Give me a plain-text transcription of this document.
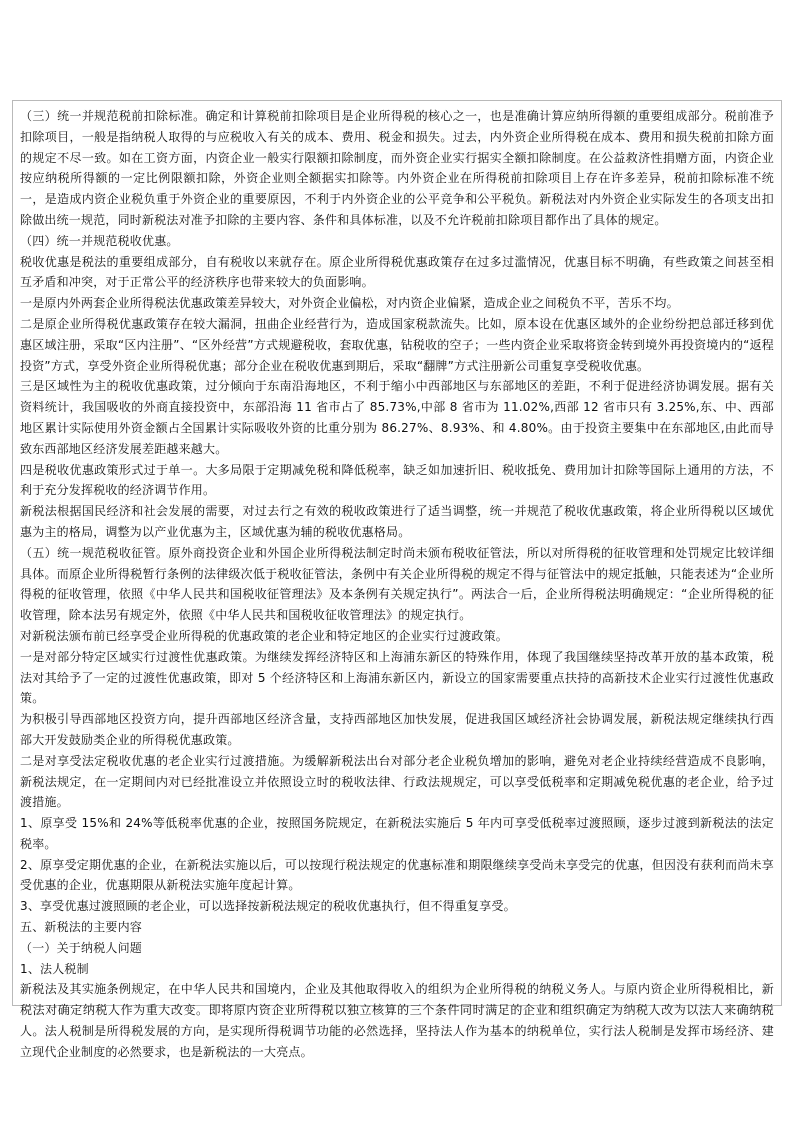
（三）统一并规范税前扣除标准。确定和计算税前扣除项目是企业所得税的核心之一，也是准确计算应纳所得额的重要组成部分。税前准予扣除项目，一般是指纳税人取得的与应税收入有关的成本、费用、税金和损失。过去，内外资企业所得税在成本、费用和损失税前扣除方面的规定不尽一致。如在工资方面，内资企业一般实行限额扣除制度，而外资企业实行据实全额扣除制度。在公益救济性捐赠方面，内资企业按应纳税所得额的一定比例限额扣除，外资企业则全额据实扣除等。内外资企业在所得税前扣除项目上存在许多差异，税前扣除标准不统一，是造成内资企业税负重于外资企业的重要原因，不利于内外资企业的公平竞争和公平税负。新税法对内外资企业实际发生的各项支出扣除做出统一规范，同时新税法对准予扣除的主要内容、条件和具体标准，以及不允许税前扣除项目都作出了具体的规定。

（四）统一并规范税收优惠。

税收优惠是税法的重要组成部分，自有税收以来就存在。原企业所得税优惠政策存在过多过滥情况，优惠目标不明确，有些政策之间甚至相互矛盾和冲突，对于正常公平的经济秩序也带来较大的负面影响。

一是原内外两套企业所得税法优惠政策差异较大，对外资企业偏松，对内资企业偏紧，造成企业之间税负不平，苦乐不均。

二是原企业所得税优惠政策存在较大漏洞，扭曲企业经营行为，造成国家税款流失。比如，原本设在优惠区域外的企业纷纷把总部迁移到优惠区域注册，采取“区内注册”、“区外经营”方式规避税收，套取优惠，钻税收的空子；一些内资企业采取将资金转到境外再投资境内的“返程投资”方式，享受外资企业所得税优惠；部分企业在税收优惠到期后，采取“翻牌”方式注册新公司重复享受税收优惠。

三是区域性为主的税收优惠政策，过分倾向于东南沿海地区，不利于缩小中西部地区与东部地区的差距，不利于促进经济协调发展。据有关资料统计，我国吸收的外商直接投资中，东部沿海 11 省市占了 85.73%,中部 8 省市为 11.02%,西部 12 省市只有 3.25%,东、中、西部地区累计实际使用外资金额占全国累计实际吸收外资的比重分别为 86.27%、8.93%、和 4.80%。由于投资主要集中在东部地区,由此而导致东西部地区经济发展差距越来越大。

四是税收优惠政策形式过于单一。大多局限于定期减免税和降低税率，缺乏如加速折旧、税收抵免、费用加计扣除等国际上通用的方法，不利于充分发挥税收的经济调节作用。

新税法根据国民经济和社会发展的需要，对过去行之有效的税收政策进行了适当调整，统一并规范了税收优惠政策，将企业所得税以区域优惠为主的格局，调整为以产业优惠为主，区域优惠为辅的税收优惠格局。

（五）统一规范税收征管。原外商投资企业和外国企业所得税法制定时尚未颁布税收征管法，所以对所得税的征收管理和处罚规定比较详细具体。而原企业所得税暂行条例的法律级次低于税收征管法，条例中有关企业所得税的规定不得与征管法中的规定抵触，只能表述为“企业所得税的征收管理，依照《中华人民共和国税收征管理法》及本条例有关规定执行”。两法合一后，企业所得税法明确规定：“企业所得税的征收管理，除本法另有规定外，依照《中华人民共和国税收征收管理法》的规定执行。

对新税法颁布前已经享受企业所得税的优惠政策的老企业和特定地区的企业实行过渡政策。

一是对部分特定区域实行过渡性优惠政策。为继续发挥经济特区和上海浦东新区的特殊作用，体现了我国继续坚持改革开放的基本政策，税法对其给予了一定的过渡性优惠政策，即对 5 个经济特区和上海浦东新区内，新设立的国家需要重点扶持的高新技术企业实行过渡性优惠政策。

为积极引导西部地区投资方向，提升西部地区经济含量，支持西部地区加快发展，促进我国区域经济社会协调发展，新税法规定继续执行西部大开发鼓励类企业的所得税优惠政策。

二是对享受法定税收优惠的老企业实行过渡措施。为缓解新税法出台对部分老企业税负增加的影响，避免对老企业持续经营造成不良影响，新税法规定，在一定期间内对已经批准设立并依照设立时的税收法律、行政法规规定，可以享受低税率和定期减免税优惠的老企业，给予过渡措施。

1、原享受 15%和 24%等低税率优惠的企业，按照国务院规定，在新税法实施后 5 年内可享受低税率过渡照顾，逐步过渡到新税法的法定税率。

2、原享受定期优惠的企业，在新税法实施以后，可以按现行税法规定的优惠标准和期限继续享受尚未享受完的优惠，但因没有获利而尚未享受优惠的企业，优惠期限从新税法实施年度起计算。

3、享受优惠过渡照顾的老企业，可以选择按新税法规定的税收优惠执行，但不得重复享受。

五、新税法的主要内容

（一）关于纳税人问题

1、法人税制

新税法及其实施条例规定，在中华人民共和国境内，企业及其他取得收入的组织为企业所得税的纳税义务人。与原内资企业所得税相比，新税法对确定纳税人作为重大改变。即将原内资企业所得税以独立核算的三个条件同时满足的企业和组织确定为纳税人改为以法人来确纳税人。法人税制是所得税发展的方向，是实现所得税调节功能的必然选择，坚持法人作为基本的纳税单位，实行法人税制是发挥市场经济、建立现代企业制度的必然要求，也是新税法的一大亮点。
